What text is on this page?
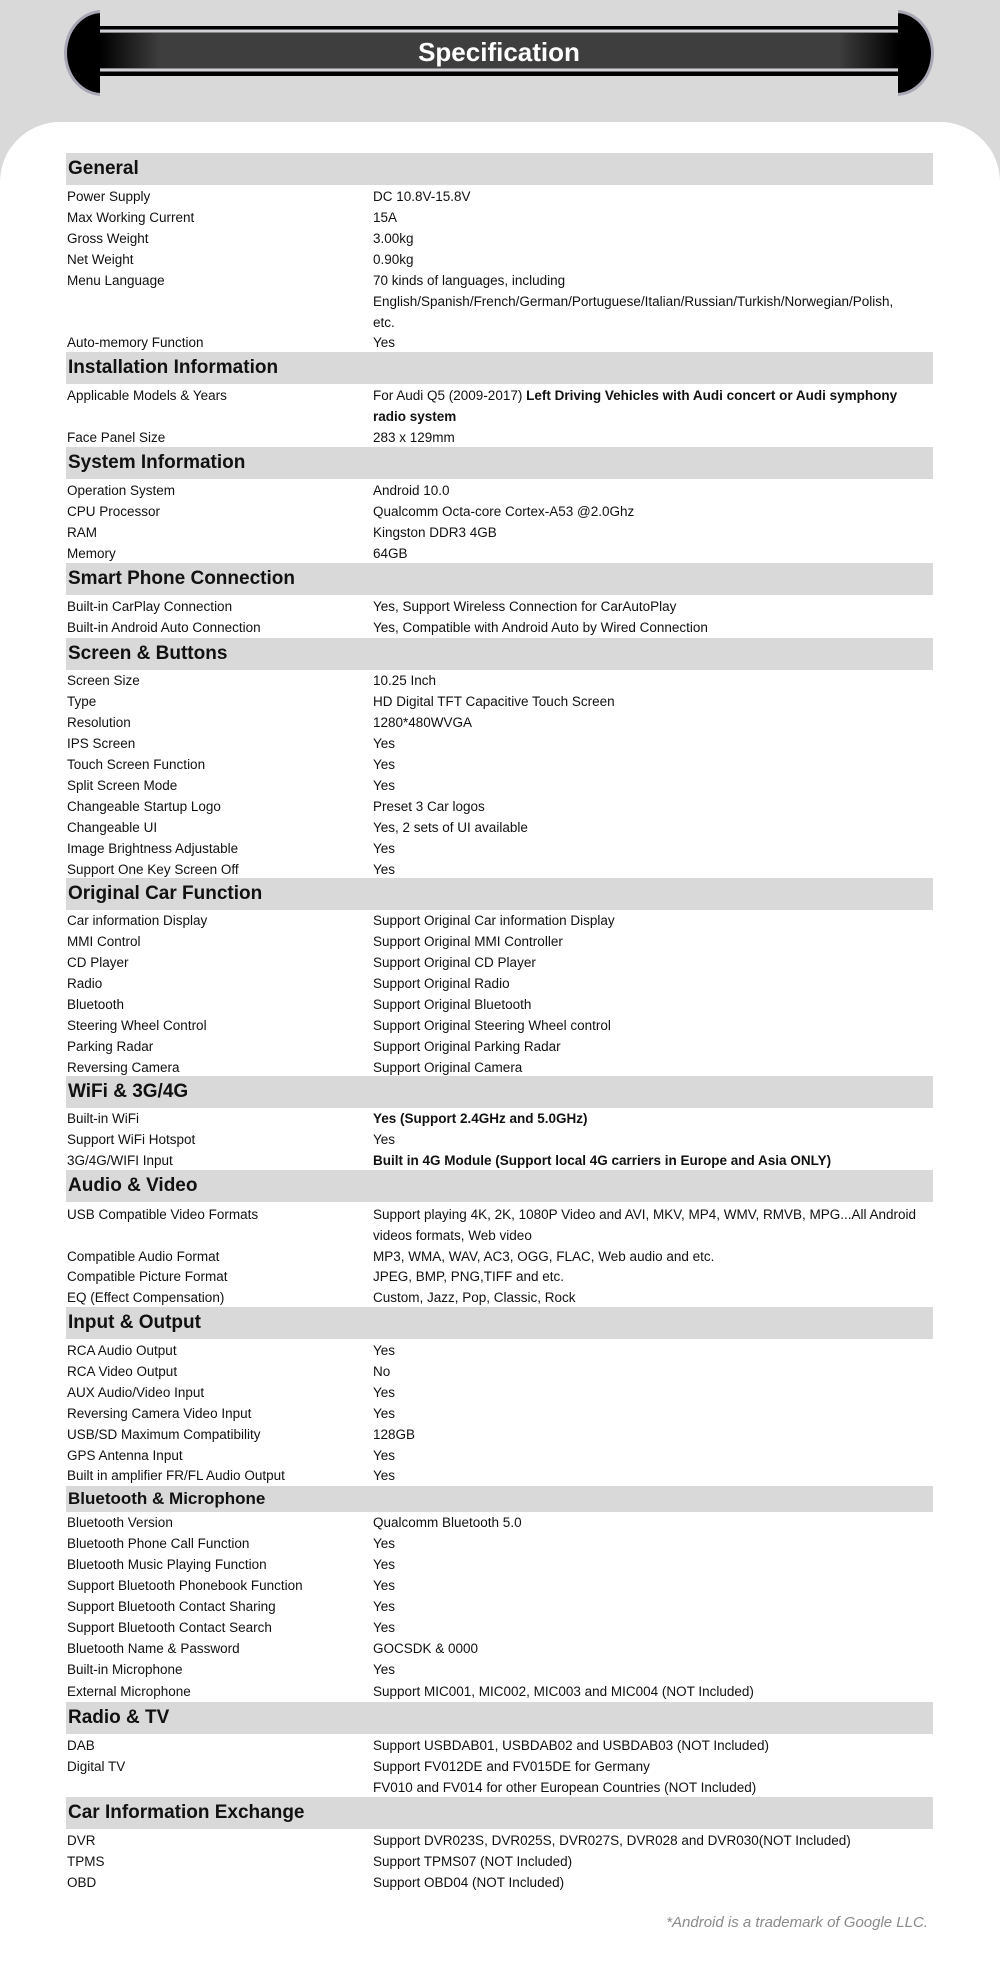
Specification
General
Power Supply	DC 10.8V-15.8V
Max Working Current	15A
Gross Weight	3.00kg
Net Weight	0.90kg
Menu Language	70 kinds of languages, including
English/Spanish/French/German/Portuguese/Italian/Russian/Turkish/Norwegian/Polish,
etc.
Auto-memory Function	Yes
Installation Information
Applicable Models & Years	For Audi Q5 (2009-2017) Left Driving Vehicles with Audi concert or Audi symphony
radio system
Face Panel Size	283 x 129mm
System Information
Operation System	Android 10.0
CPU Processor	Qualcomm Octa-core Cortex-A53 @2.0Ghz
RAM	Kingston DDR3 4GB
Memory	64GB
Smart Phone Connection
Built-in CarPlay Connection	Yes, Support Wireless Connection for CarAutoPlay
Built-in Android Auto Connection	Yes, Compatible with Android Auto by Wired Connection
Screen & Buttons
Screen Size	10.25 Inch
Type	HD Digital TFT Capacitive Touch Screen
Resolution	1280*480WVGA
IPS Screen	Yes
Touch Screen Function	Yes
Split Screen Mode	Yes
Changeable Startup Logo	Preset 3 Car logos
Changeable UI	Yes, 2 sets of UI available
Image Brightness Adjustable	Yes
Support One Key Screen Off	Yes
Original Car Function
Car information Display	Support Original Car information Display
MMI Control	Support Original MMI Controller
CD Player	Support Original CD Player
Radio	Support Original Radio
Bluetooth	Support Original Bluetooth
Steering Wheel Control	Support Original Steering Wheel control
Parking Radar	Support Original Parking Radar
Reversing Camera	Support Original Camera
WiFi & 3G/4G
Built-in WiFi	Yes (Support 2.4GHz and 5.0GHz)
Support WiFi Hotspot	Yes
3G/4G/WIFI Input	Built in 4G Module (Support local 4G carriers in Europe and Asia ONLY)
Audio & Video
USB Compatible Video Formats	Support playing 4K, 2K, 1080P Video and AVI, MKV, MP4, WMV, RMVB, MPG...All Android
videos formats, Web video
Compatible Audio Format	MP3, WMA, WAV, AC3, OGG, FLAC, Web audio and etc.
Compatible Picture Format	JPEG, BMP, PNG,TIFF and etc.
EQ (Effect Compensation)	Custom, Jazz, Pop, Classic, Rock
Input & Output
RCA Audio Output	Yes
RCA Video Output	No
AUX Audio/Video Input	Yes
Reversing Camera Video Input	Yes
USB/SD Maximum Compatibility	128GB
GPS Antenna Input	Yes
Built in amplifier FR/FL Audio Output	Yes
Bluetooth & Microphone
Bluetooth Version	Qualcomm Bluetooth 5.0
Bluetooth Phone Call Function	Yes
Bluetooth Music Playing Function	Yes
Support Bluetooth Phonebook Function	Yes
Support Bluetooth Contact Sharing	Yes
Support Bluetooth Contact Search	Yes
Bluetooth Name & Password	GOCSDK & 0000
Built-in Microphone	Yes
External Microphone	Support MIC001, MIC002, MIC003 and MIC004 (NOT Included)
Radio & TV
DAB	Support USBDAB01, USBDAB02 and USBDAB03 (NOT Included)
Digital TV	Support FV012DE and FV015DE for Germany
FV010 and FV014 for other European Countries (NOT Included)
Car Information Exchange
DVR	Support DVR023S, DVR025S, DVR027S, DVR028 and DVR030(NOT Included)
TPMS	Support TPMS07 (NOT Included)
OBD	Support OBD04 (NOT Included)
*Android is a trademark of Google LLC.
